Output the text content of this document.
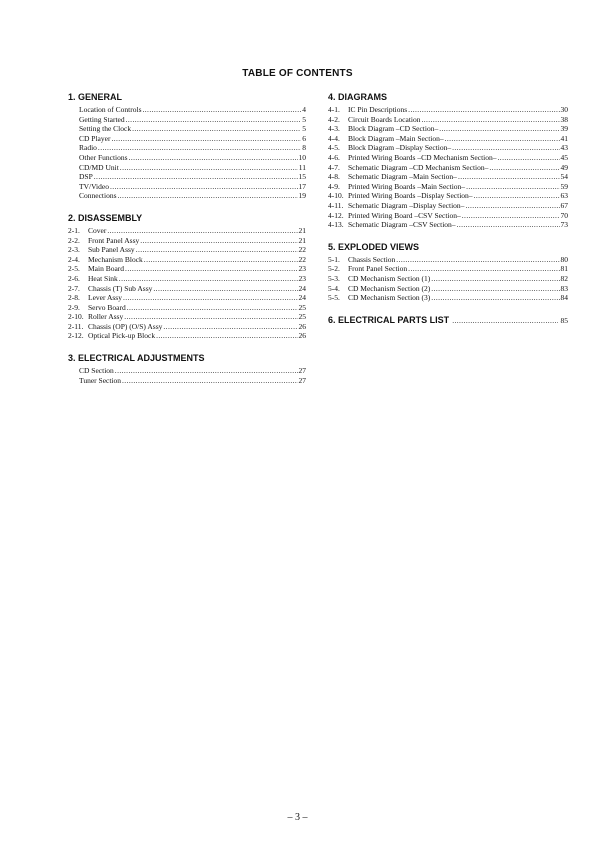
TABLE OF CONTENTS
1. GENERAL
Location of Controls .....	4
Getting Started .....	5
Setting the Clock .....	5
CD Player .....	6
Radio .....	8
Other Functions .....	10
CD/MD Unit .....	11
DSP .....	15
TV/Video .....	17
Connections .....	19
2. DISASSEMBLY
2-1.	Cover .....	21
2-2.	Front Panel Assy .....	21
2-3.	Sub Panel Assy .....	22
2-4.	Mechanism Block .....	22
2-5.	Main Board .....	23
2-6.	Heat Sink .....	23
2-7.	Chassis (T) Sub Assy .....	24
2-8.	Lever Assy .....	24
2-9.	Servo Board .....	25
2-10. Roller Assy .....	25
2-11. Chassis (OP) (O/S) Assy .....	26
2-12. Optical Pick-up Block .....	26
3. ELECTRICAL ADJUSTMENTS
CD Section .....	27
Tuner Section .....	27
4. DIAGRAMS
4-1.	IC Pin Descriptions .....	30
4-2.	Circuit Boards Location .....	38
4-3.	Block Diagram –CD Section– .....	39
4-4.	Block Diagram –Main Section– .....	41
4-5.	Block Diagram –Display Section– .....	43
4-6.	Printed Wiring Boards –CD Mechanism Section– .....	45
4-7.	Schematic Diagram –CD Mechanism Section– .....	49
4-8.	Schematic Diagram –Main Section– .....	54
4-9.	Printed Wiring Boards –Main Section– .....	59
4-10. Printed Wiring Boards –Display Section– .....	63
4-11. Schematic Diagram –Display Section– .....	67
4-12. Printed Wiring Board –CSV Section– .....	70
4-13. Schematic Diagram –CSV Section– .....	73
5. EXPLODED VIEWS
5-1.	Chassis Section .....	80
5-2.	Front Panel Section .....	81
5-3.	CD Mechanism Section (1) .....	82
5-4.	CD Mechanism Section (2) .....	83
5-5.	CD Mechanism Section (3) .....	84
6. ELECTRICAL PARTS LIST .....	85
– 3 –
